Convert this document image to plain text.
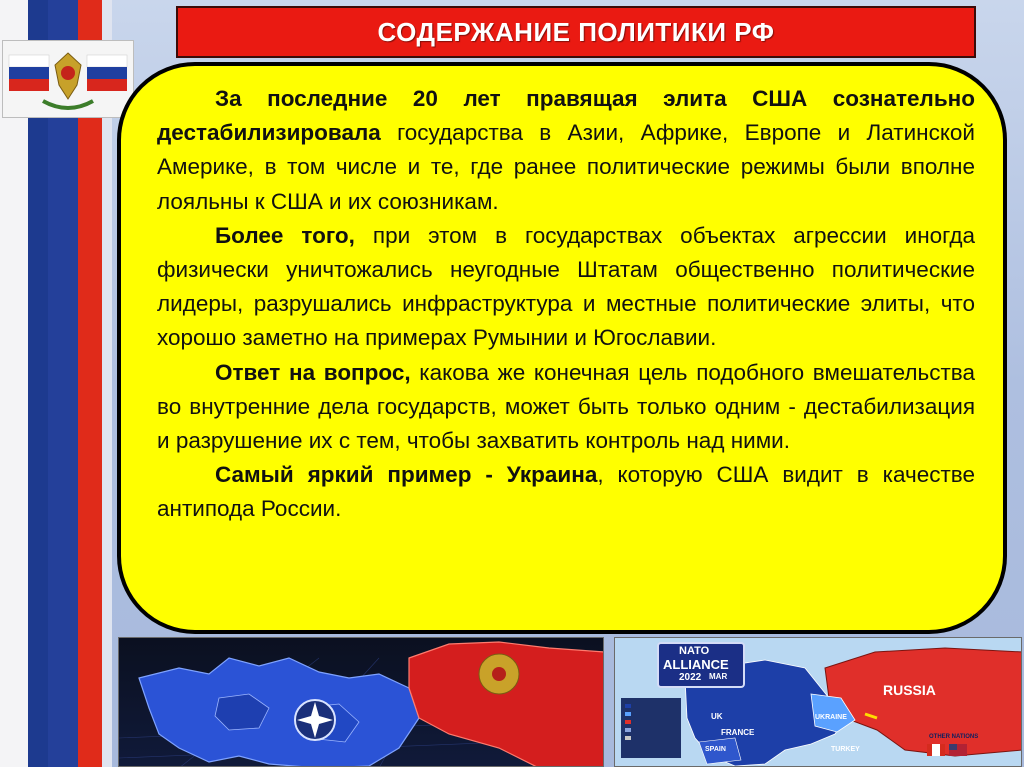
СОДЕРЖАНИЕ ПОЛИТИКИ РФ

За последние 20 лет правящая элита США сознательно дестабилизировала государства в Азии, Африке, Европе и Латинской Америке, в том числе и те, где ранее политические режимы были вполне лояльны к США и их союзникам.

Более того, при этом в государствах объектах агрессии иногда физически уничтожались неугодные Штатам общественно политические лидеры, разрушались инфраструктура и местные политические элиты, что хорошо заметно на примерах Румынии и Югославии.

Ответ на вопрос, какова же конечная цель подобного вмешательства во внутренние дела государств, может быть только одним - дестабилизация и разрушение их с тем, чтобы захватить контроль над ними.

Самый яркий пример - Украина, которую США видит в качестве антипода России.

NATO
ALLIANCE
2022 MAR
RUSSIA
UK
FRANCE
SPAIN
UKRAINE
TURKEY
OTHER NATIONS
